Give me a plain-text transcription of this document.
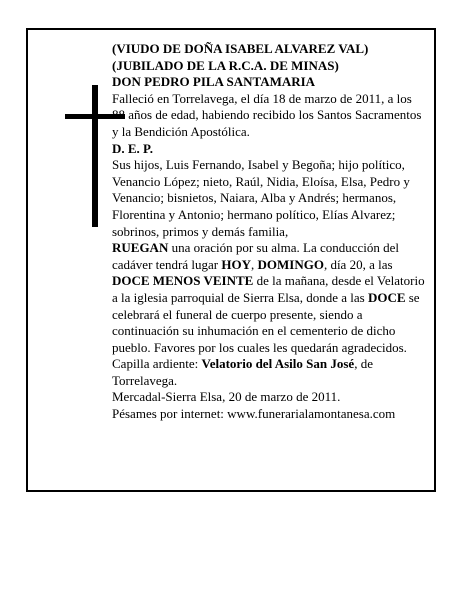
(VIUDO DE DOÑA ISABEL ALVAREZ VAL)

(JUBILADO DE LA R.C.A. DE MINAS)

DON PEDRO PILA SANTAMARIA

Falleció en Torrelavega, el día 18 de marzo de 2011, a los 88 años de edad, habiendo recibido los Santos Sacramentos y la Bendición Apostólica.

D. E. P.

Sus hijos, Luis Fernando, Isabel y Begoña; hijo político, Venancio López; nieto, Raúl, Nidia, Eloísa, Elsa, Pedro y Venancio; bisnietos, Naiara, Alba y Andrés; hermanos, Florentina y Antonio; hermano político, Elías Alvarez; sobrinos, primos y demás familia,

RUEGAN una oración por su alma. La conducción del cadáver tendrá lugar HOY, DOMINGO, día 20, a las DOCE MENOS VEINTE de la mañana, desde el Velatorio a la iglesia parroquial de Sierra Elsa, donde a las DOCE se celebrará el funeral de cuerpo presente, siendo a continuación su inhumación en el cementerio de dicho pueblo. Favores por los cuales les quedarán agradecidos. Capilla ardiente: Velatorio del Asilo San José, de Torrelavega.

Mercadal-Sierra Elsa, 20 de marzo de 2011.

Pésames por internet: www.funerarialamontanesa.com
